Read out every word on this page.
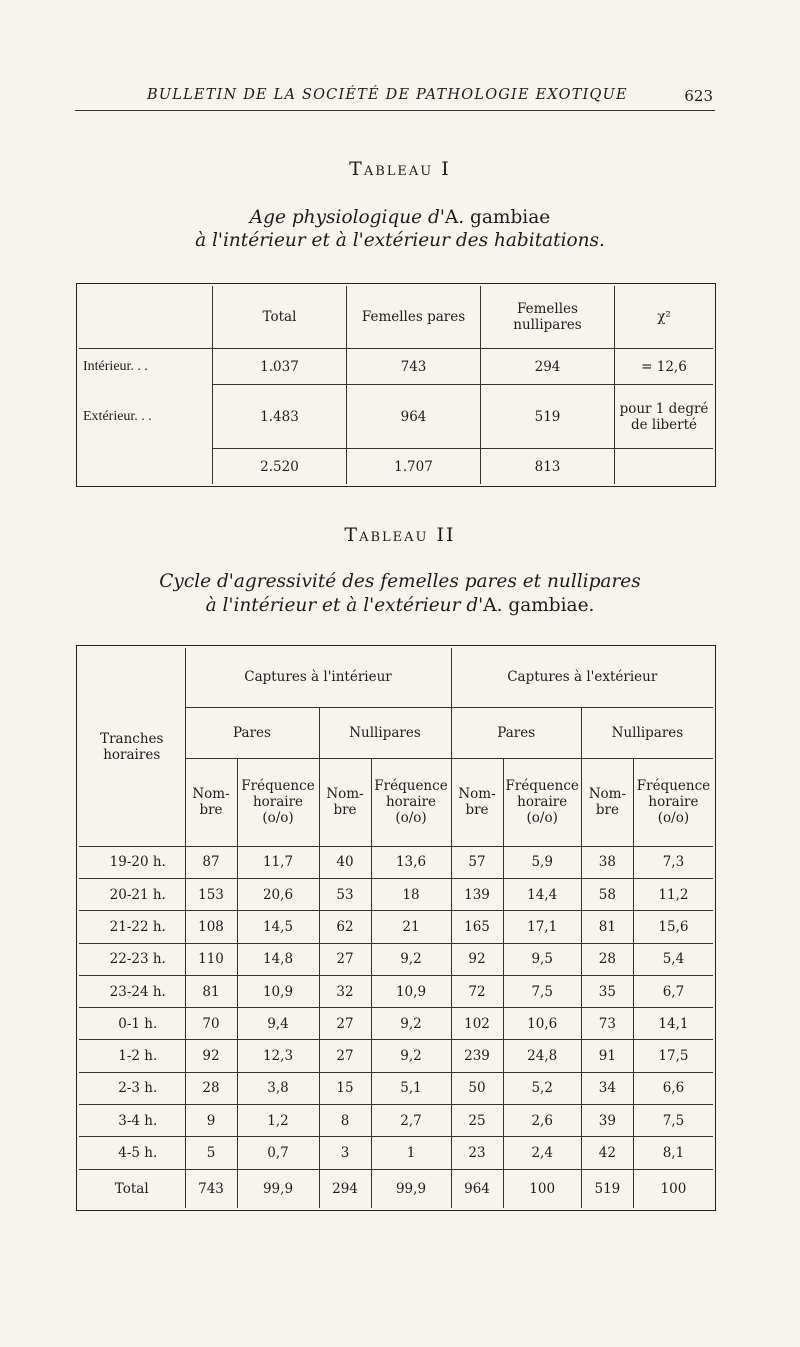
BULLETIN DE LA SOCIÉTÉ DE PATHOLOGIE EXOTIQUE	623
Tableau I
Age physiologique d'A. gambiae
à l'intérieur et à l'extérieur des habitations.
	Total	Femelles pares	Femelles nullipares	χ²
Intérieur. . .	1.037	743	294	= 12,6
Extérieur. . .	1.483	964	519	pour 1 degré de liberté
	2.520	1.707	813	
Tableau II
Cycle d'agressivité des femelles pares et nullipares
à l'intérieur et à l'extérieur d'A. gambiae.
Tranches horaires	Captures à l'intérieur				Captures à l'extérieur			
	Pares		Nullipares		Pares		Nullipares	
	Nom-bre	Fréquence horaire (o/o)	Nom-bre	Fréquence horaire (o/o)	Nom-bre	Fréquence horaire (o/o)	Nom-bre	Fréquence horaire (o/o)
19-20 h.	87	11,7	40	13,6	57	5,9	38	7,3
20-21 h.	153	20,6	53	18	139	14,4	58	11,2
21-22 h.	108	14,5	62	21	165	17,1	81	15,6
22-23 h.	110	14,8	27	9,2	92	9,5	28	5,4
23-24 h.	81	10,9	32	10,9	72	7,5	35	6,7
0-1 h.	70	9,4	27	9,2	102	10,6	73	14,1
1-2 h.	92	12,3	27	9,2	239	24,8	91	17,5
2-3 h.	28	3,8	15	5,1	50	5,2	34	6,6
3-4 h.	9	1,2	8	2,7	25	2,6	39	7,5
4-5 h.	5	0,7	3	1	23	2,4	42	8,1
Total	743	99,9	294	99,9	964	100	519	100
